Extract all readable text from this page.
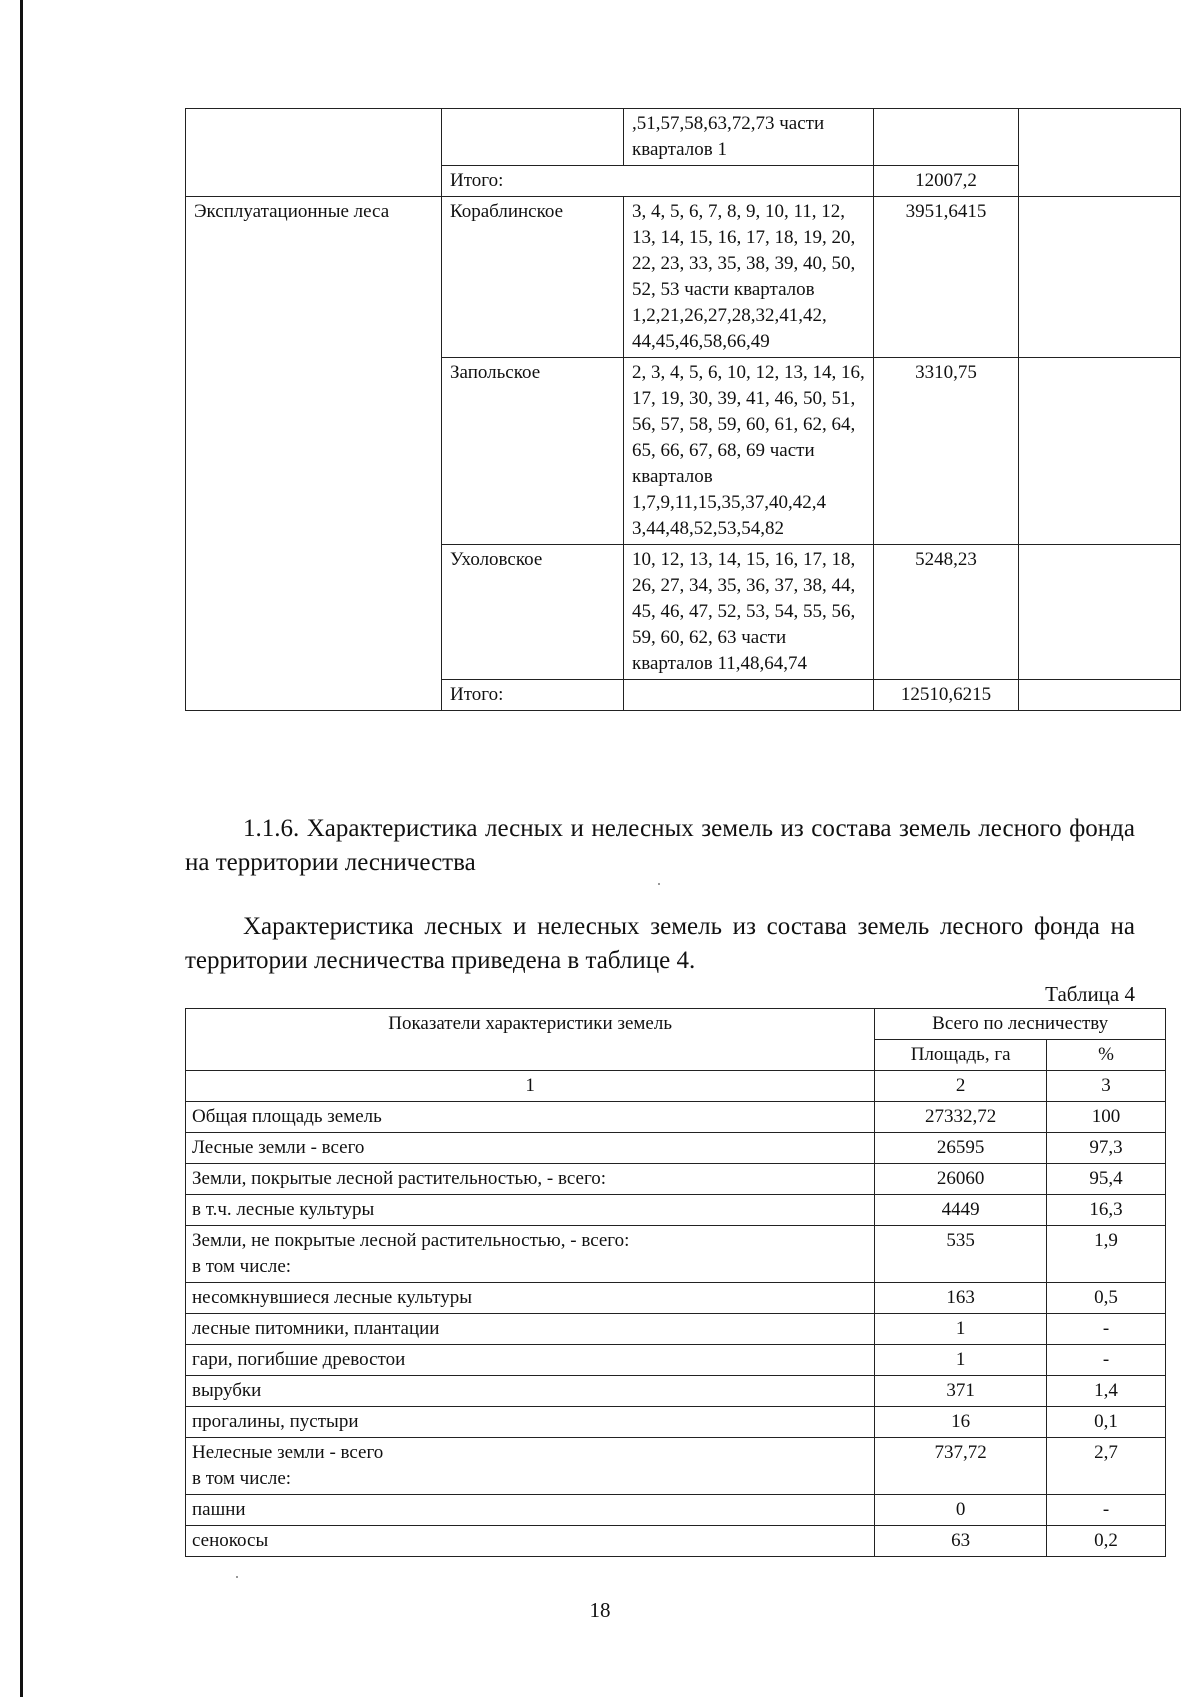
		,51,57,58,63,72,73 части кварталов 1		
	Итого:		12007,2	
Эксплуатационные леса	Кораблинское	3, 4, 5, 6, 7, 8, 9, 10, 11, 12, 13, 14, 15, 16, 17, 18, 19, 20, 22, 23, 33, 35, 38, 39, 40, 50, 52, 53 части кварталов 1,2,21,26,27,28,32,41,42, 44,45,46,58,66,49	3951,6415	
	Запольское	2, 3, 4, 5, 6, 10, 12, 13, 14, 16, 17, 19, 30, 39, 41, 46, 50, 51, 56, 57, 58, 59, 60, 61, 62, 64, 65, 66, 67, 68, 69 части кварталов 1,7,9,11,15,35,37,40,42,4 3,44,48,52,53,54,82	3310,75	
	Ухоловское	10, 12, 13, 14, 15, 16, 17, 18, 26, 27, 34, 35, 36, 37, 38, 44, 45, 46, 47, 52, 53, 54, 55, 56, 59, 60, 62, 63 части кварталов 11,48,64,74	5248,23	
	Итого:		12510,6215	
1.1.6. Характеристика лесных и нелесных земель из состава земель лесного фонда на территории лесничества
Характеристика лесных и нелесных земель из состава земель лесного фонда на территории лесничества приведена в таблице 4.
Таблица 4
Показатели характеристики земель	Всего по лесничеству	
	Площадь, га	%
1	2	3
Общая площадь земель	27332,72	100
Лесные земли - всего	26595	97,3
Земли, покрытые лесной растительностью, - всего:	26060	95,4
в т.ч. лесные культуры	4449	16,3

Земли, не покрытые лесной растительностью, - всего:
в том числе:	535	1,9
несомкнувшиеся лесные культуры	163	0,5
лесные питомники, плантации	1	-
гари, погибшие древостои	1	-
вырубки	371	1,4
прогалины, пустыри	16	0,1

Нелесные земли - всего
в том числе:	737,72	2,7
пашни	0	-
сенокосы	63	0,2
18
